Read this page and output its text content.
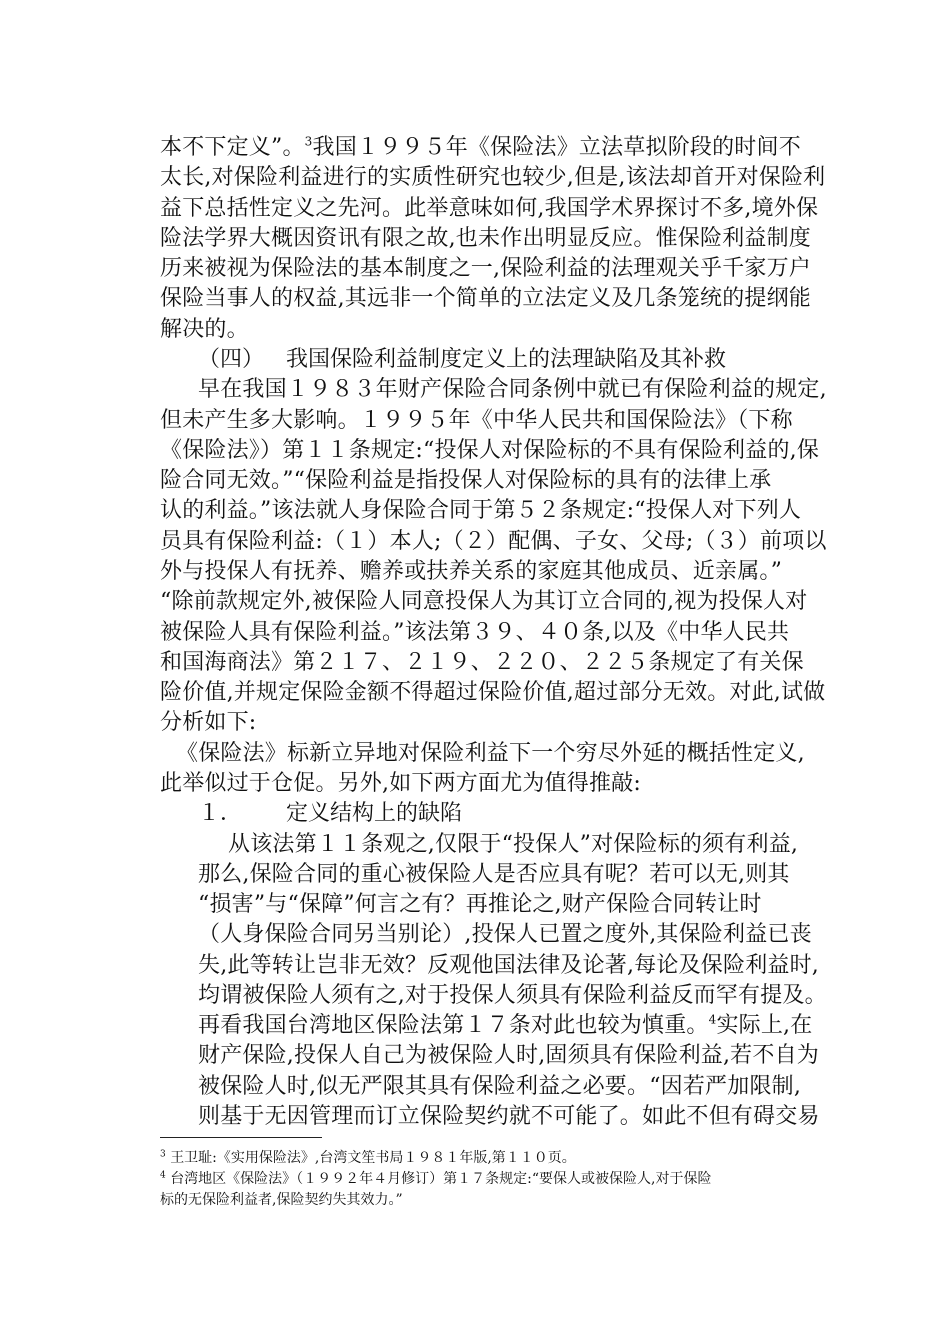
本不下定义”。$^3$我国１９９５年《保险法》立法草拟阶段的时间不
太长,对保险利益进行的实质性研究也较少,但是,该法却首开对保险利
益下总括性定义之先河。此举意味如何,我国学术界探讨不多,境外保
险法学界大概因资讯有限之故,也未作出明显反应。惟保险利益制度
历来被视为保险法的基本制度之一,保险利益的法理观关乎千家万户
保险当事人的权益,其远非一个简单的立法定义及几条笼统的提纲能
解决的。
（四） 我国保险利益制度定义上的法理缺陷及其补救
早在我国１９８３年财产保险合同条例中就已有保险利益的规定,
但未产生多大影响。１９９５年《中华人民共和国保险法》（下称
《保险法》）第１１条规定:“投保人对保险标的不具有保险利益的,保
险合同无效。”“保险利益是指投保人对保险标的具有的法律上承
认的利益。”该法就人身保险合同于第５２条规定:“投保人对下列人
员具有保险利益:（１）本人;（２）配偶、子女、父母;（３）前项以
外与投保人有抚养、赡养或扶养关系的家庭其他成员、近亲属。”
“除前款规定外,被保险人同意投保人为其订立合同的,视为投保人对
被保险人具有保险利益。”该法第３９、４０条,以及《中华人民共
和国海商法》第２１７、２１９、２２０、２２５条规定了有关保
险价值,并规定保险金额不得超过保险价值,超过部分无效。对此,试做
分析如下:
《保险法》标新立异地对保险利益下一个穷尽外延的概括性定义,
此举似过于仓促。另外,如下两方面尤为值得推敲:
１． 定义结构上的缺陷
从该法第１１条观之,仅限于“投保人”对保险标的须有利益,
那么,保险合同的重心被保险人是否应具有呢？若可以无,则其
“损害”与“保障”何言之有？再推论之,财产保险合同转让时
（人身保险合同另当别论）,投保人已置之度外,其保险利益已丧
失,此等转让岂非无效？反观他国法律及论著,每论及保险利益时,
均谓被保险人须有之,对于投保人须具有保险利益反而罕有提及。
再看我国台湾地区保险法第１７条对此也较为慎重。$^4$实际上,在
$^3$ 王卫耻:《实用保险法》,台湾文笙书局１９８１年版,第１１０页。
$^4$ 台湾地区《保险法》（１９９２年４月修订）第１７条规定:“要保人或被保险人,对于保险
标的无保险利益者,保险契约失其效力。”
财产保险,投保人自己为被保险人时,固须具有保险利益,若不自为
被保险人时,似无严限其具有保险利益之必要。“因若严加限制,
则基于无因管理而订立保险契约就不可能了。如此不但有碍交易
